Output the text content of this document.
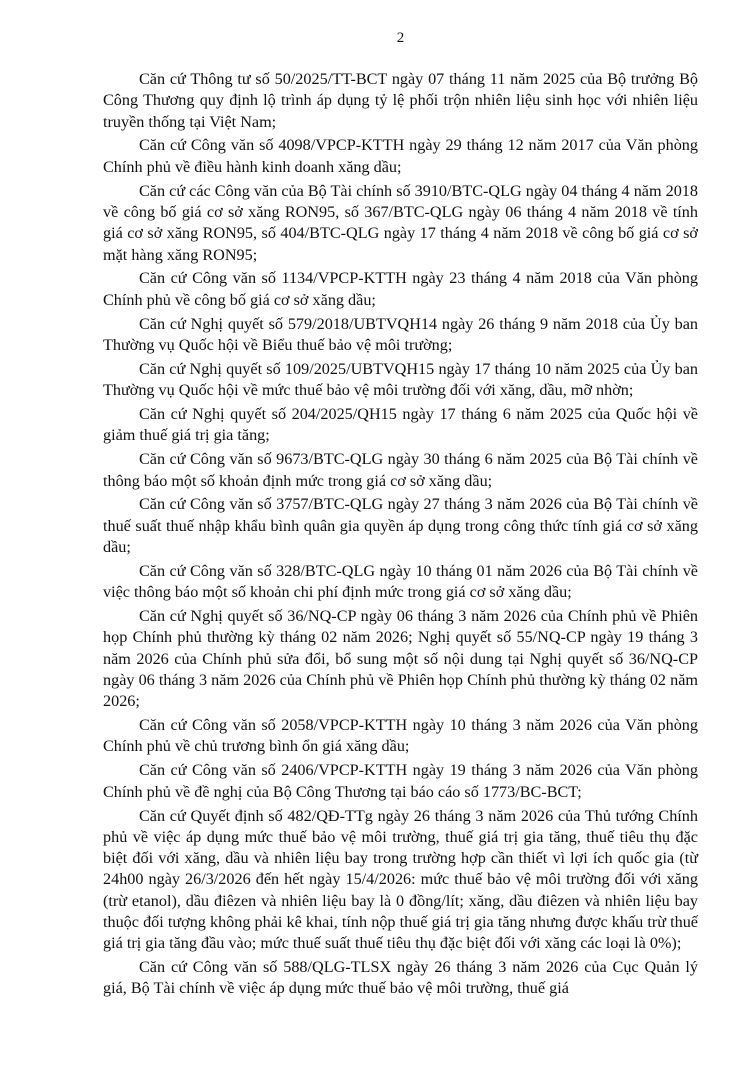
2

Căn cứ Thông tư số 50/2025/TT-BCT ngày 07 tháng 11 năm 2025 của Bộ trưởng Bộ Công Thương quy định lộ trình áp dụng tỷ lệ phối trộn nhiên liệu sinh học với nhiên liệu truyền thống tại Việt Nam;

Căn cứ Công văn số 4098/VPCP-KTTH ngày 29 tháng 12 năm 2017 của Văn phòng Chính phủ về điều hành kinh doanh xăng dầu;

Căn cứ các Công văn của Bộ Tài chính số 3910/BTC-QLG ngày 04 tháng 4 năm 2018 về công bố giá cơ sở xăng RON95, số 367/BTC-QLG ngày 06 tháng 4 năm 2018 về tính giá cơ sở xăng RON95, số 404/BTC-QLG ngày 17 tháng 4 năm 2018 về công bố giá cơ sở mặt hàng xăng RON95;

Căn cứ Công văn số 1134/VPCP-KTTH ngày 23 tháng 4 năm 2018 của Văn phòng Chính phủ về công bố giá cơ sở xăng dầu;

Căn cứ Nghị quyết số 579/2018/UBTVQH14 ngày 26 tháng 9 năm 2018 của Ủy ban Thường vụ Quốc hội về Biểu thuế bảo vệ môi trường;

Căn cứ Nghị quyết số 109/2025/UBTVQH15 ngày 17 tháng 10 năm 2025 của Ủy ban Thường vụ Quốc hội về mức thuế bảo vệ môi trường đối với xăng, dầu, mỡ nhờn;

Căn cứ Nghị quyết số 204/2025/QH15 ngày 17 tháng 6 năm 2025 của Quốc hội về giảm thuế giá trị gia tăng;

Căn cứ Công văn số 9673/BTC-QLG ngày 30 tháng 6 năm 2025 của Bộ Tài chính về thông báo một số khoản định mức trong giá cơ sở xăng dầu;

Căn cứ Công văn số 3757/BTC-QLG ngày 27 tháng 3 năm 2026 của Bộ Tài chính về thuế suất thuế nhập khẩu bình quân gia quyền áp dụng trong công thức tính giá cơ sở xăng dầu;

Căn cứ Công văn số 328/BTC-QLG ngày 10 tháng 01 năm 2026 của Bộ Tài chính về việc thông báo một số khoản chi phí định mức trong giá cơ sở xăng dầu;

Căn cứ Nghị quyết số 36/NQ-CP ngày 06 tháng 3 năm 2026 của Chính phủ về Phiên họp Chính phủ thường kỳ tháng 02 năm 2026; Nghị quyết số 55/NQ-CP ngày 19 tháng 3 năm 2026 của Chính phủ sửa đổi, bổ sung một số nội dung tại Nghị quyết số 36/NQ-CP ngày 06 tháng 3 năm 2026 của Chính phủ về Phiên họp Chính phủ thường kỳ tháng 02 năm 2026;

Căn cứ Công văn số 2058/VPCP-KTTH ngày 10 tháng 3 năm 2026 của Văn phòng Chính phủ về chủ trương bình ổn giá xăng dầu;

Căn cứ Công văn số 2406/VPCP-KTTH ngày 19 tháng 3 năm 2026 của Văn phòng Chính phủ về đề nghị của Bộ Công Thương tại báo cáo số 1773/BC-BCT;

Căn cứ Quyết định số 482/QĐ-TTg ngày 26 tháng 3 năm 2026 của Thủ tướng Chính phủ về việc áp dụng mức thuế bảo vệ môi trường, thuế giá trị gia tăng, thuế tiêu thụ đặc biệt đối với xăng, dầu và nhiên liệu bay trong trường hợp cần thiết vì lợi ích quốc gia (từ 24h00 ngày 26/3/2026 đến hết ngày 15/4/2026: mức thuế bảo vệ môi trường đối với xăng (trừ etanol), dầu điêzen và nhiên liệu bay là 0 đồng/lít; xăng, dầu điêzen và nhiên liệu bay thuộc đối tượng không phải kê khai, tính nộp thuế giá trị gia tăng nhưng được khấu trừ thuế giá trị gia tăng đầu vào; mức thuế suất thuế tiêu thụ đặc biệt đối với xăng các loại là 0%);

Căn cứ Công văn số 588/QLG-TLSX ngày 26 tháng 3 năm 2026 của Cục Quản lý giá, Bộ Tài chính về việc áp dụng mức thuế bảo vệ môi trường, thuế giá
